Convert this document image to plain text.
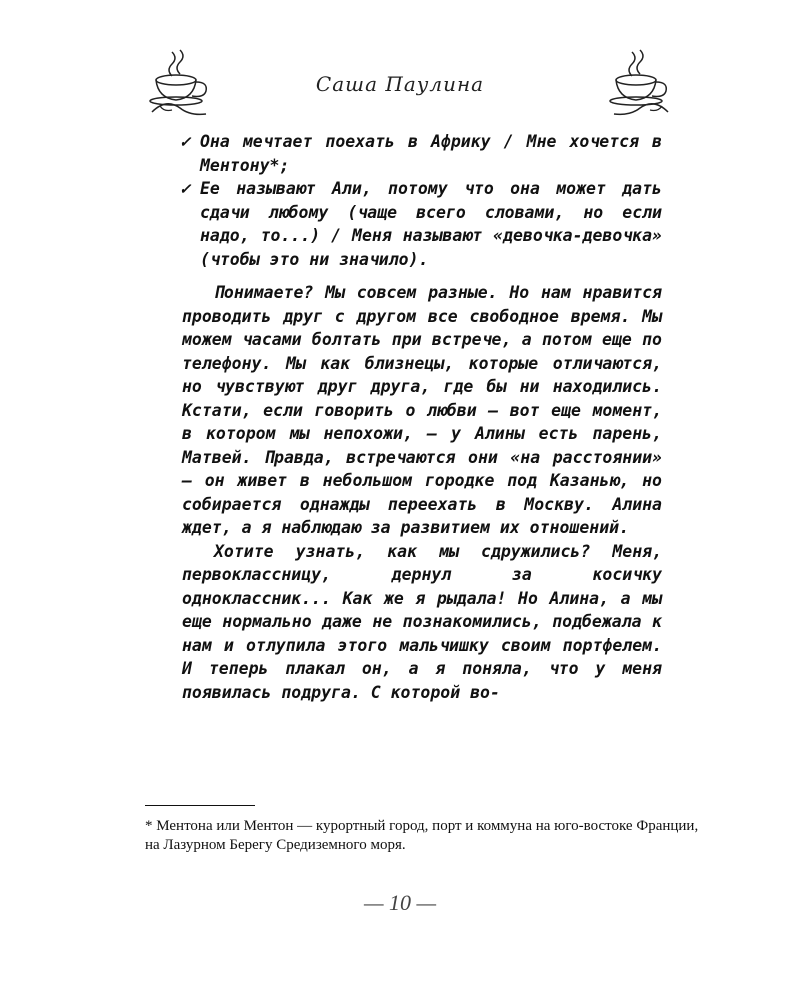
Саша Паулина

✓ Она мечтает поехать в Африку / Мне хочется в Ментону*;

✓ Ее называют Али, потому что она может дать сдачи любому (чаще всего словами, но если надо, то...) / Меня называют «девочка-девочка» (чтобы это ни значило).

Понимаете? Мы совсем разные. Но нам нравится проводить друг с другом все свободное время. Мы можем часами болтать при встрече, а потом еще по телефону. Мы как близнецы, которые отличаются, но чувствуют друг друга, где бы ни находились. Кстати, если говорить о любви — вот еще момент, в котором мы непохожи, — у Алины есть парень, Матвей. Правда, встречаются они «на расстоянии» — он живет в небольшом городке под Казанью, но собирается однажды переехать в Москву. Алина ждет, а я наблюдаю за развитием их отношений.

Хотите узнать, как мы сдружились? Меня, первоклассницу, дернул за косичку одноклассник... Как же я рыдала! Но Алина, а мы еще нормально даже не познакомились, подбежала к нам и отлупила этого мальчишку своим портфелем. И теперь плакал он, а я поняла, что у меня появилась подруга. С которой во-

* Ментона или Ментон — курортный город, порт и коммуна на юго-востоке Франции, на Лазурном Берегу Средиземного моря.
— 10 —
